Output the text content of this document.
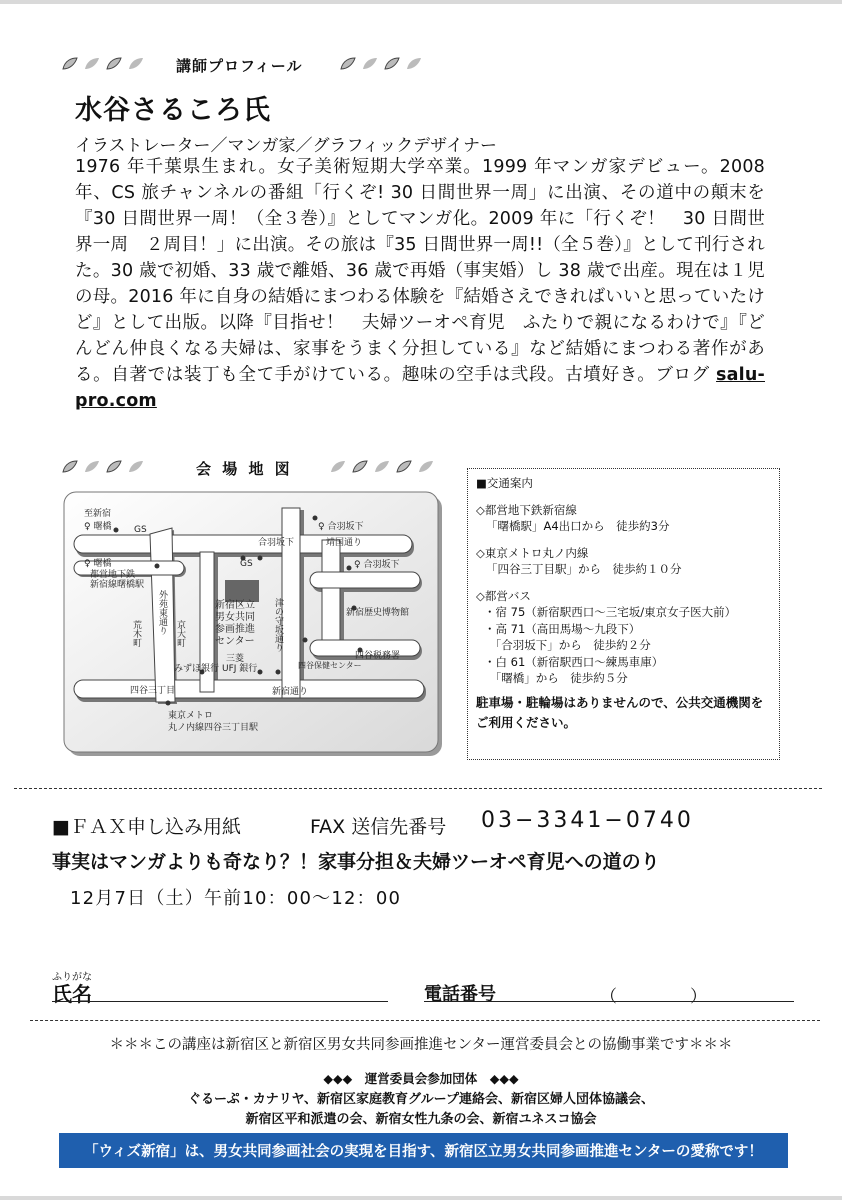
講師プロフィール
水谷さるころ氏
イラストレーター／マンガ家／グラフィックデザイナー
1976 年千葉県生まれ。女子美術短期大学卒業。1999 年マンガ家デビュー。2008 年、CS 旅チャンネルの番組「行くぞ! 30 日間世界一周」に出演、その道中の顛末を『30 日間世界一周！（全３巻）』としてマンガ化。2009 年に「行くぞ！　30 日間世界一周　２周目！」に出演。その旅は『35 日間世界一周!!（全５巻）』として刊行された。30 歳で初婚、33 歳で離婚、36 歳で再婚（事実婚）し 38 歳で出産。現在は１児の母。2016 年に自身の結婚にまつわる体験を『結婚さえできればいいと思っていたけど』として出版。以降『目指せ！　夫婦ツーオペ育児　ふたりで親になるわけで』『どんどん仲良くなる夫婦は、家事をうまく分担している』など結婚にまつわる著作がある。自著では装丁も全て手がけている。趣味の空手は弐段。古墳好き。ブログ salu-pro.com
会 場 地 図
至新宿
♀ 曙橋	GS
♀ 曙橋
都営地下鉄
新宿線曙橋駅
GS
合羽坂下
♀ 合羽坂下
靖国通り
♀ 合羽坂下
新宿歴史博物館
四谷税務署
四谷保健センター
四谷三丁目	新宿通り
東京メトロ
丸ノ内線四谷三丁目駅
三菱
UFJ 銀行
みずほ銀行
新宿区立
男女共同
参画推進
センター
外苑東通り
荒木町	京大町	津の守坂通り

■交通案内

◇都営地下鉄新宿線

「曙橋駅」A4出口から　徒歩約3分

◇東京メトロ丸ノ内線

「四谷三丁目駅」から　徒歩約１０分

◇都営バス

・宿 75（新宿駅西口〜三宅坂/東京女子医大前）

・高 71（高田馬場〜九段下）

　「合羽坂下」から　徒歩約２分

・白 61（新宿駅西口〜練馬車庫）

　「曙橋」から　徒歩約５分

駐車場・駐輪場はありませんので、公共交通機関をご利用ください。

■ＦＡＸ申し込み用紙	FAX 送信先番号 03−3341−0740
事実はマンガよりも奇なり？！家事分担＆夫婦ツーオペ育児への道のり
12月7日（土）午前10：00〜12：00
ふりがな
氏名	電話番号	（	）
＊＊＊この講座は新宿区と新宿区男女共同参画推進センター運営委員会との協働事業です＊＊＊
◆◆◆　運営委員会参加団体　◆◆◆
ぐるーぷ・カナリヤ、新宿区家庭教育グループ連絡会、新宿区婦人団体協議会、
新宿区平和派遣の会、新宿女性九条の会、新宿ユネスコ協会
「ウィズ新宿」は、男女共同参画社会の実現を目指す、新宿区立男女共同参画推進センターの愛称です！
